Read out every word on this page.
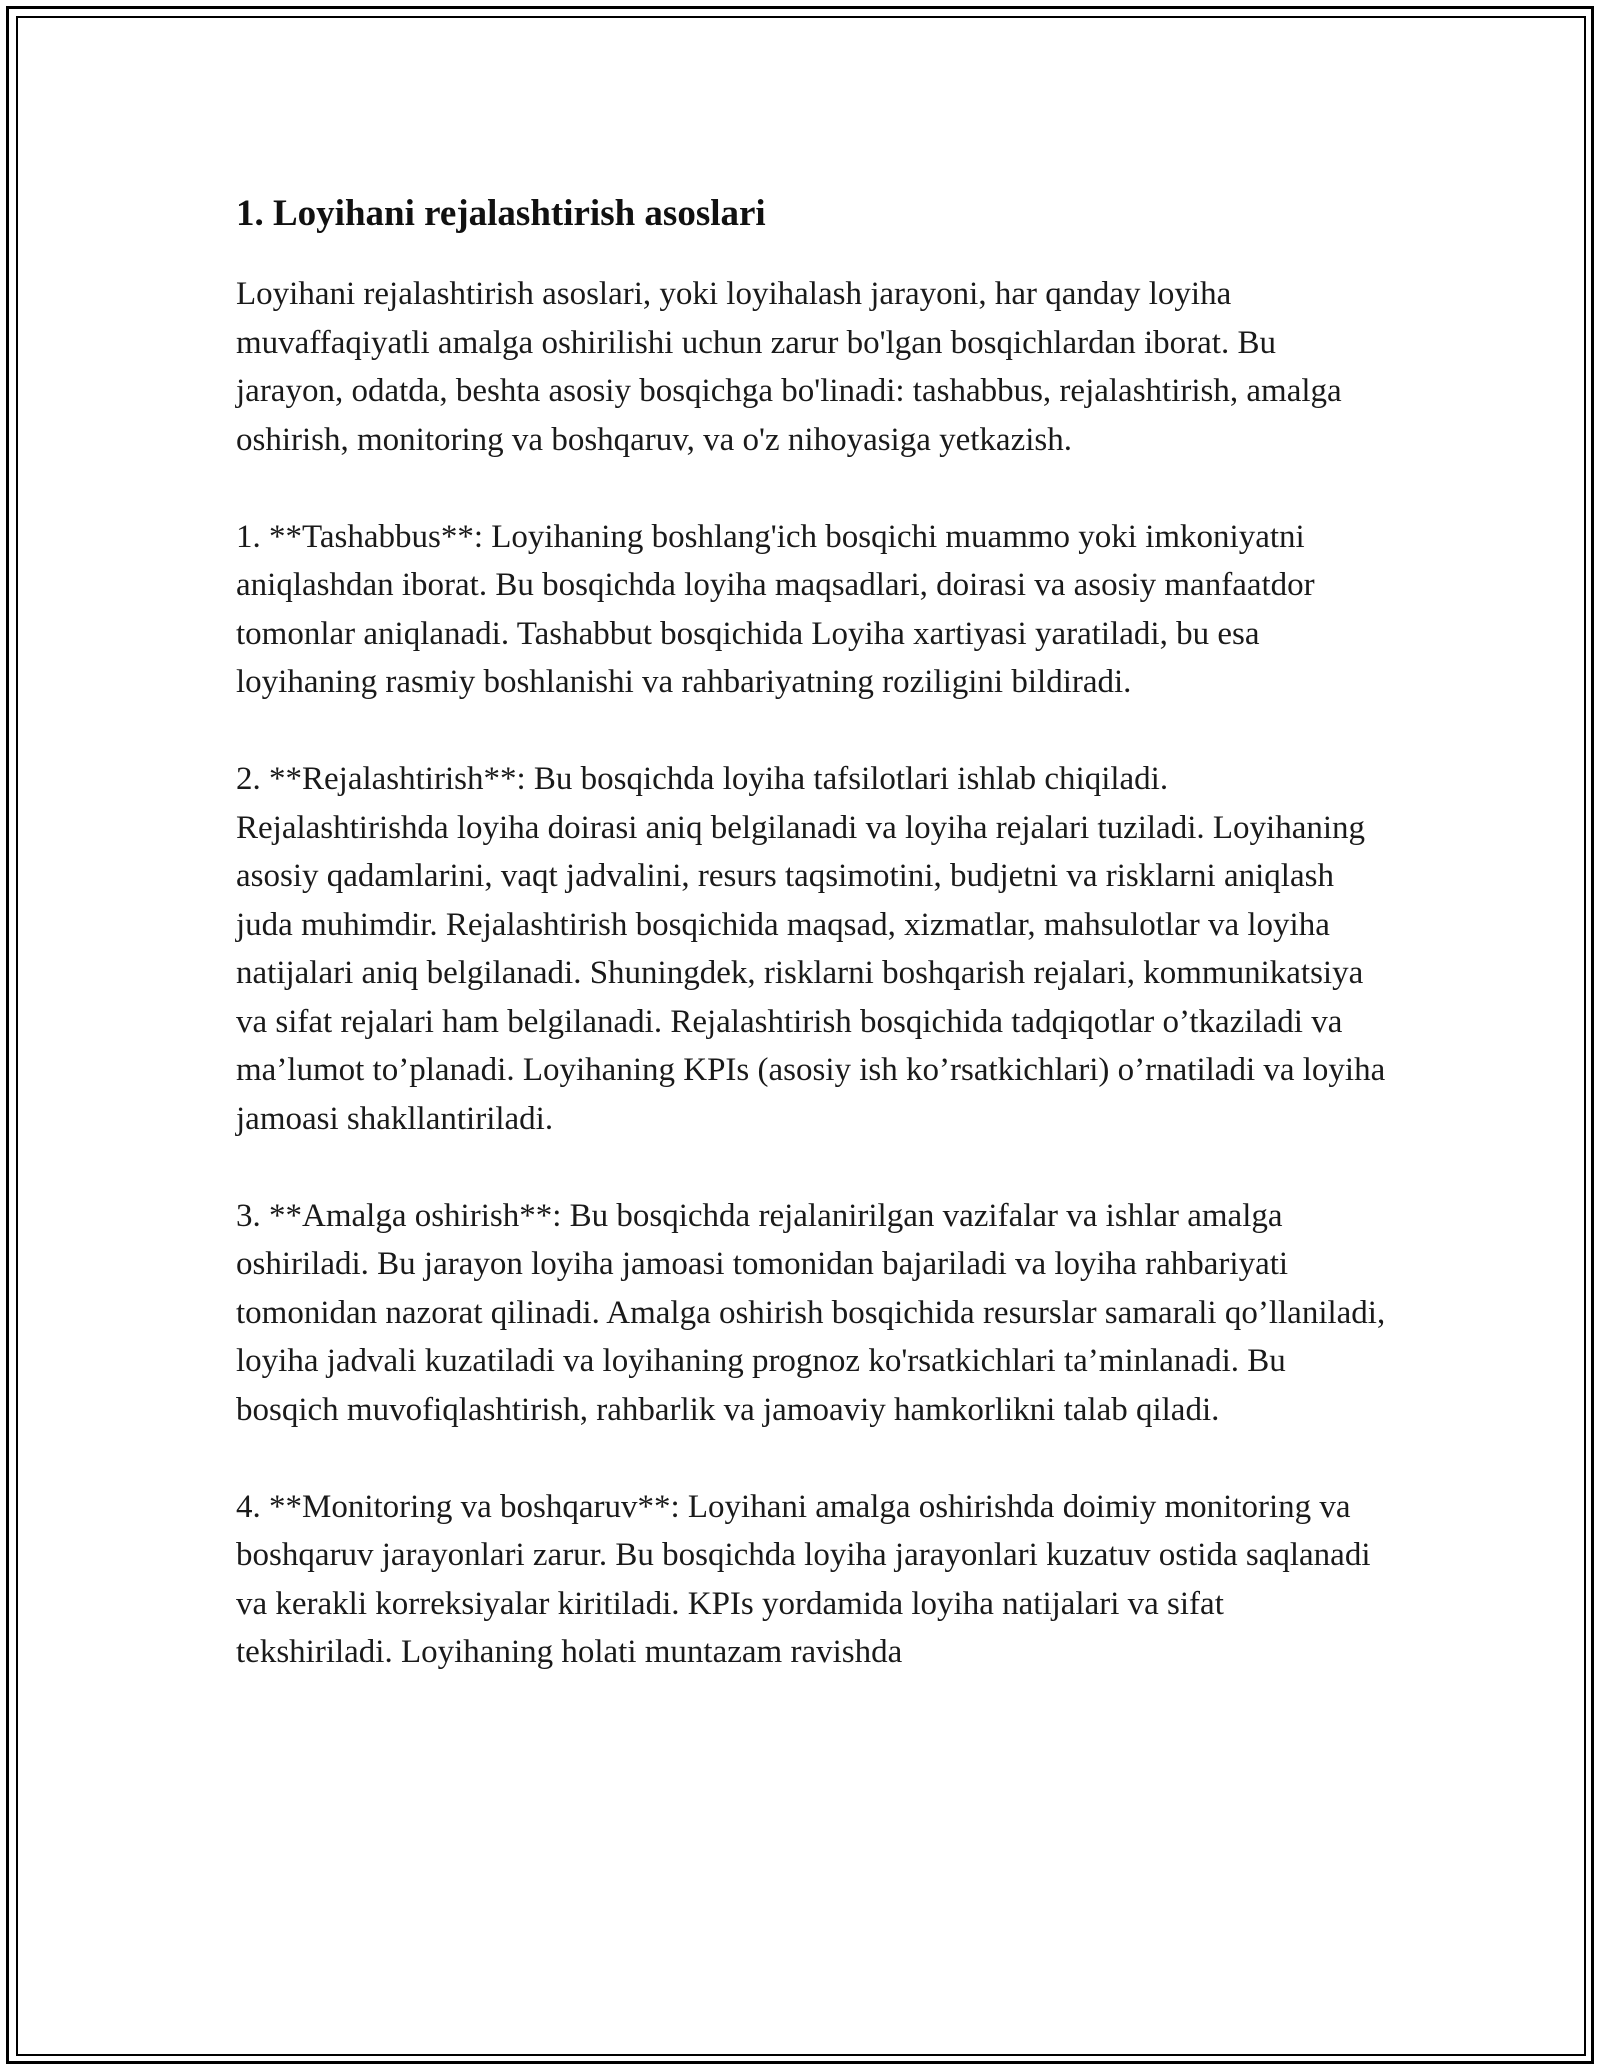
1. Loyihani rejalashtirish asoslari

Loyihani rejalashtirish asoslari, yoki loyihalash jarayoni, har qanday loyiha muvaffaqiyatli amalga oshirilishi uchun zarur bo'lgan bosqichlardan iborat. Bu jarayon, odatda, beshta asosiy bosqichga bo'linadi: tashabbus, rejalashtirish, amalga oshirish, monitoring va boshqaruv, va o'z nihoyasiga yetkazish.

1. **Tashabbus**: Loyihaning boshlang'ich bosqichi muammo yoki imkoniyatni aniqlashdan iborat. Bu bosqichda loyiha maqsadlari, doirasi va asosiy manfaatdor tomonlar aniqlanadi. Tashabbut bosqichida Loyiha xartiyasi yaratiladi, bu esa loyihaning rasmiy boshlanishi va rahbariyatning roziligini bildiradi.

2. **Rejalashtirish**: Bu bosqichda loyiha tafsilotlari ishlab chiqiladi. Rejalashtirishda loyiha doirasi aniq belgilanadi va loyiha rejalari tuziladi. Loyihaning asosiy qadamlarini, vaqt jadvalini, resurs taqsimotini, budjetni va risklarni aniqlash juda muhimdir. Rejalashtirish bosqichida maqsad, xizmatlar, mahsulotlar va loyiha natijalari aniq belgilanadi. Shuningdek, risklarni boshqarish rejalari, kommunikatsiya va sifat rejalari ham belgilanadi. Rejalashtirish bosqichida tadqiqotlar o’tkaziladi va ma’lumot to’planadi. Loyihaning KPIs (asosiy ish ko’rsatkichlari) o’rnatiladi va loyiha jamoasi shakllantiriladi.

3. **Amalga oshirish**: Bu bosqichda rejalanirilgan vazifalar va ishlar amalga oshiriladi. Bu jarayon loyiha jamoasi tomonidan bajariladi va loyiha rahbariyati tomonidan nazorat qilinadi. Amalga oshirish bosqichida resurslar samarali qo’llaniladi, loyiha jadvali kuzatiladi va loyihaning prognoz ko'rsatkichlari ta’minlanadi. Bu bosqich muvofiqlashtirish, rahbarlik va jamoaviy hamkorlikni talab qiladi.

4. **Monitoring va boshqaruv**: Loyihani amalga oshirishda doimiy monitoring va boshqaruv jarayonlari zarur. Bu bosqichda loyiha jarayonlari kuzatuv ostida saqlanadi va kerakli korreksiyalar kiritiladi. KPIs yordamida loyiha natijalari va sifat tekshiriladi. Loyihaning holati muntazam ravishda
